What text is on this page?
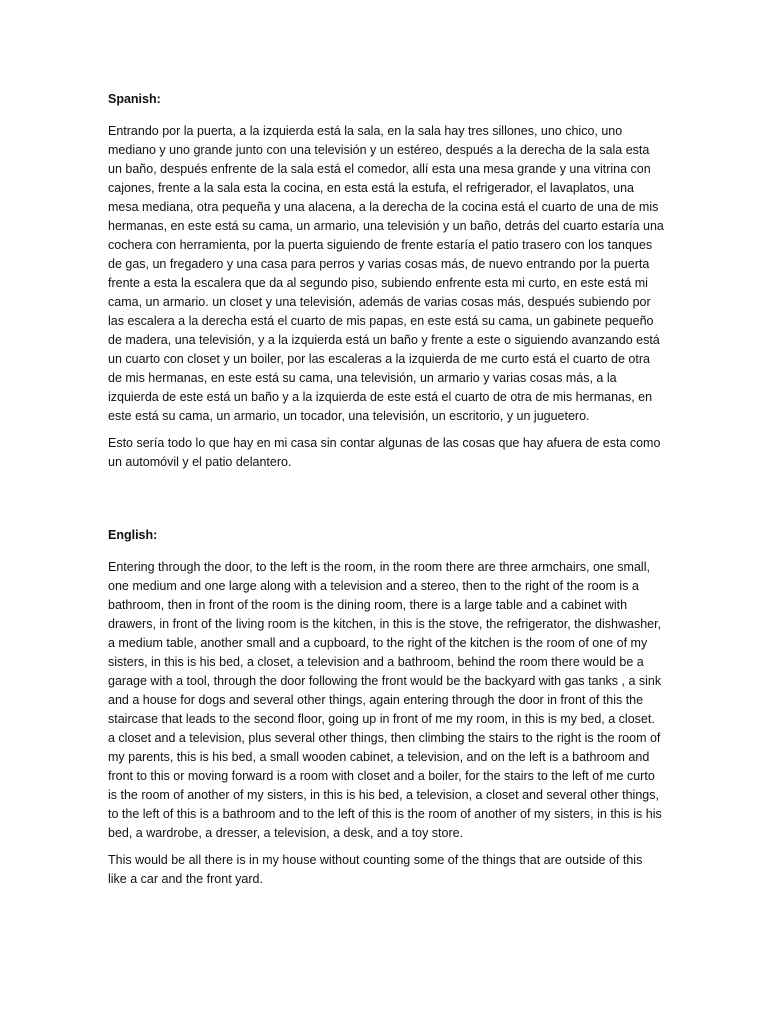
Spanish:

Entrando por la puerta, a la izquierda está la sala, en la sala hay tres sillones, uno chico, uno mediano y uno grande junto con una televisión y un estéreo, después a la derecha de la sala esta un baño, después enfrente de la sala está el comedor, allí esta una mesa grande y una vitrina con cajones, frente a la sala esta la cocina, en esta está la estufa, el refrigerador, el lavaplatos, una mesa mediana, otra pequeña y una alacena, a la derecha de la cocina está el cuarto de una de mis hermanas, en este está su cama, un armario, una televisión y un baño, detrás del cuarto estaría una cochera con herramienta, por la puerta siguiendo de frente estaría el patio trasero con los tanques de gas, un fregadero y una casa para perros y varias cosas más, de nuevo entrando por la puerta frente a esta la escalera que da al segundo piso, subiendo enfrente esta mi curto, en este está mi cama, un armario. un closet y una televisión, además de varias cosas más, después subiendo por las escalera a la derecha está el cuarto de mis papas, en este está su cama, un gabinete pequeño de madera, una televisión, y a la izquierda está un baño y frente a este o siguiendo avanzando está un cuarto con closet y un boiler, por las escaleras a la izquierda de me curto está el cuarto de otra de mis hermanas, en este está su cama, una televisión, un armario y varias cosas más, a la izquierda de este está un baño y a la izquierda de este está el cuarto de otra de mis hermanas, en este está su cama, un armario, un tocador, una televisión, un escritorio, y un juguetero.

Esto sería todo lo que hay en mi casa sin contar algunas de las cosas que hay afuera de esta como un automóvil y el patio delantero.

English:

Entering through the door, to the left is the room, in the room there are three armchairs, one small, one medium and one large along with a television and a stereo, then to the right of the room is a bathroom, then in front of the room is the dining room, there is a large table and a cabinet with drawers, in front of the living room is the kitchen, in this is the stove, the refrigerator, the dishwasher, a medium table, another small and a cupboard, to the right of the kitchen is the room of one of my sisters, in this is his bed, a closet, a television and a bathroom, behind the room there would be a garage with a tool, through the door following the front would be the backyard with gas tanks , a sink and a house for dogs and several other things, again entering through the door in front of this the staircase that leads to the second floor, going up in front of me my room, in this is my bed, a closet. a closet and a television, plus several other things, then climbing the stairs to the right is the room of my parents, this is his bed, a small wooden cabinet, a television, and on the left is a bathroom and front to this or moving forward is a room with closet and a boiler, for the stairs to the left of me curto is the room of another of my sisters, in this is his bed, a television, a closet and several other things, to the left of this is a bathroom and to the left of this is the room of another of my sisters, in this is his bed, a wardrobe, a dresser, a television, a desk, and a toy store.

This would be all there is in my house without counting some of the things that are outside of this like a car and the front yard.
